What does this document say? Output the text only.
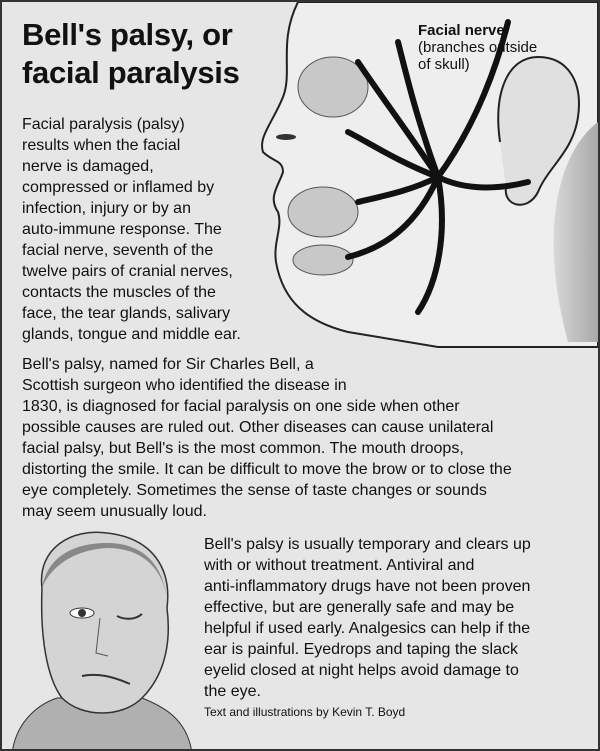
Facial nerve
(branches outside
of skull)
Bell's palsy, or
facial paralysis
Facial paralysis (palsy)
results when the facial
nerve is damaged,
compressed or inflamed by
infection, injury or by an
auto-immune response. The
facial nerve, seventh of the
twelve pairs of cranial nerves,
contacts the muscles of the
face, the tear glands, salivary
glands, tongue and middle ear.
Bell's palsy, named for Sir Charles Bell, a
Scottish surgeon who identified the disease in
1830, is diagnosed for facial paralysis on one side when other
possible causes are ruled out. Other diseases can cause unilateral
facial palsy, but Bell's is the most common. The mouth droops,
distorting the smile. It can be difficult to move the brow or to close the
eye completely. Sometimes the sense of taste changes or sounds
may seem unusually loud.
Bell's palsy is usually temporary and clears up
with or without treatment. Antiviral and
anti-inflammatory drugs have not been proven
effective, but are generally safe and may be
helpful if used early. Analgesics can help if the
ear is painful. Eyedrops and taping the slack
eyelid closed at night helps avoid damage to
the eye.
Text and illustrations by Kevin T. Boyd
